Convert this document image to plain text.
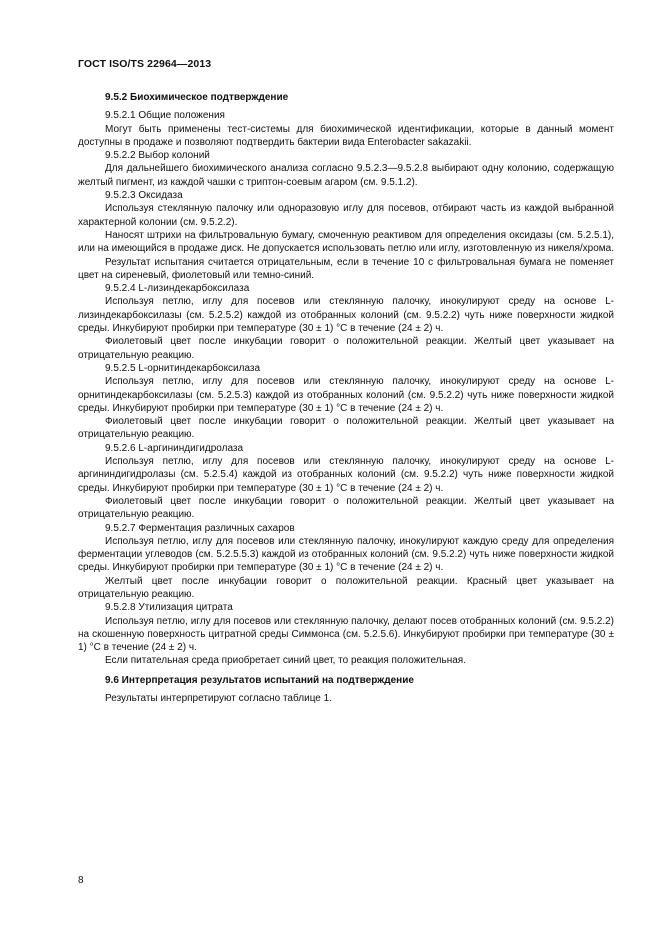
ГОСТ ISO/TS 22964—2013

9.5.2 Биохимическое подтверждение

9.5.2.1 Общие положения

Могут быть применены тест-системы для биохимической идентификации, которые в данный момент доступны в продаже и позволяют подтвердить бактерии вида Enterobacter sakazakii.

9.5.2.2 Выбор колоний

Для дальнейшего биохимического анализа согласно 9.5.2.3—9.5.2.8 выбирают одну колонию, содержащую желтый пигмент, из каждой чашки с триптон-соевым агаром (см. 9.5.1.2).

9.5.2.3 Оксидаза

Используя стеклянную палочку или одноразовую иглу для посевов, отбирают часть из каждой выбранной характерной колонии (см. 9.5.2.2).

Наносят штрихи на фильтровальную бумагу, смоченную реактивом для определения оксидазы (см. 5.2.5.1), или на имеющийся в продаже диск. Не допускается использовать петлю или иглу, изготовленную из никеля/хрома.

Результат испытания считается отрицательным, если в течение 10 с фильтровальная бумага не поменяет цвет на сиреневый, фиолетовый или темно-синий.

9.5.2.4 L-лизиндекарбоксилаза

Используя петлю, иглу для посевов или стеклянную палочку, инокулируют среду на основе L-лизиндекарбоксилазы (см. 5.2.5.2) каждой из отобранных колоний (см. 9.5.2.2) чуть ниже поверхности жидкой среды. Инкубируют пробирки при температуре (30 ± 1) °С в течение (24 ± 2) ч.

Фиолетовый цвет после инкубации говорит о положительной реакции. Желтый цвет указывает на отрицательную реакцию.

9.5.2.5 L-орнитиндекарбоксилаза

Используя петлю, иглу для посевов или стеклянную палочку, инокулируют среду на основе L-орнитиндекарбоксилазы (см. 5.2.5.3) каждой из отобранных колоний (см. 9.5.2.2) чуть ниже поверхности жидкой среды. Инкубируют пробирки при температуре (30 ± 1) °С в течение (24 ± 2) ч.

Фиолетовый цвет после инкубации говорит о положительной реакции. Желтый цвет указывает на отрицательную реакцию.

9.5.2.6 L-аргининдигидролаза

Используя петлю, иглу для посевов или стеклянную палочку, инокулируют среду на основе L-аргининдигидролазы (см. 5.2.5.4) каждой из отобранных колоний (см. 9.5.2.2) чуть ниже поверхности жидкой среды. Инкубируют пробирки при температуре (30 ± 1) °С в течение (24 ± 2) ч.

Фиолетовый цвет после инкубации говорит о положительной реакции. Желтый цвет указывает на отрицательную реакцию.

9.5.2.7 Ферментация различных сахаров

Используя петлю, иглу для посевов или стеклянную палочку, инокулируют каждую среду для определения ферментации углеводов (см. 5.2.5.5.3) каждой из отобранных колоний (см. 9.5.2.2) чуть ниже поверхности жидкой среды. Инкубируют пробирки при температуре (30 ± 1) °С в течение (24 ± 2) ч.

Желтый цвет после инкубации говорит о положительной реакции. Красный цвет указывает на отрицательную реакцию.

9.5.2.8 Утилизация цитрата

Используя петлю, иглу для посевов или стеклянную палочку, делают посев отобранных колоний (см. 9.5.2.2) на скошенную поверхность цитратной среды Симмонса (см. 5.2.5.6). Инкубируют пробирки при температуре (30 ± 1) °С в течение (24 ± 2) ч.

Если питательная среда приобретает синий цвет, то реакция положительная.

9.6 Интерпретация результатов испытаний на подтверждение

Результаты интерпретируют согласно таблице 1.

8
